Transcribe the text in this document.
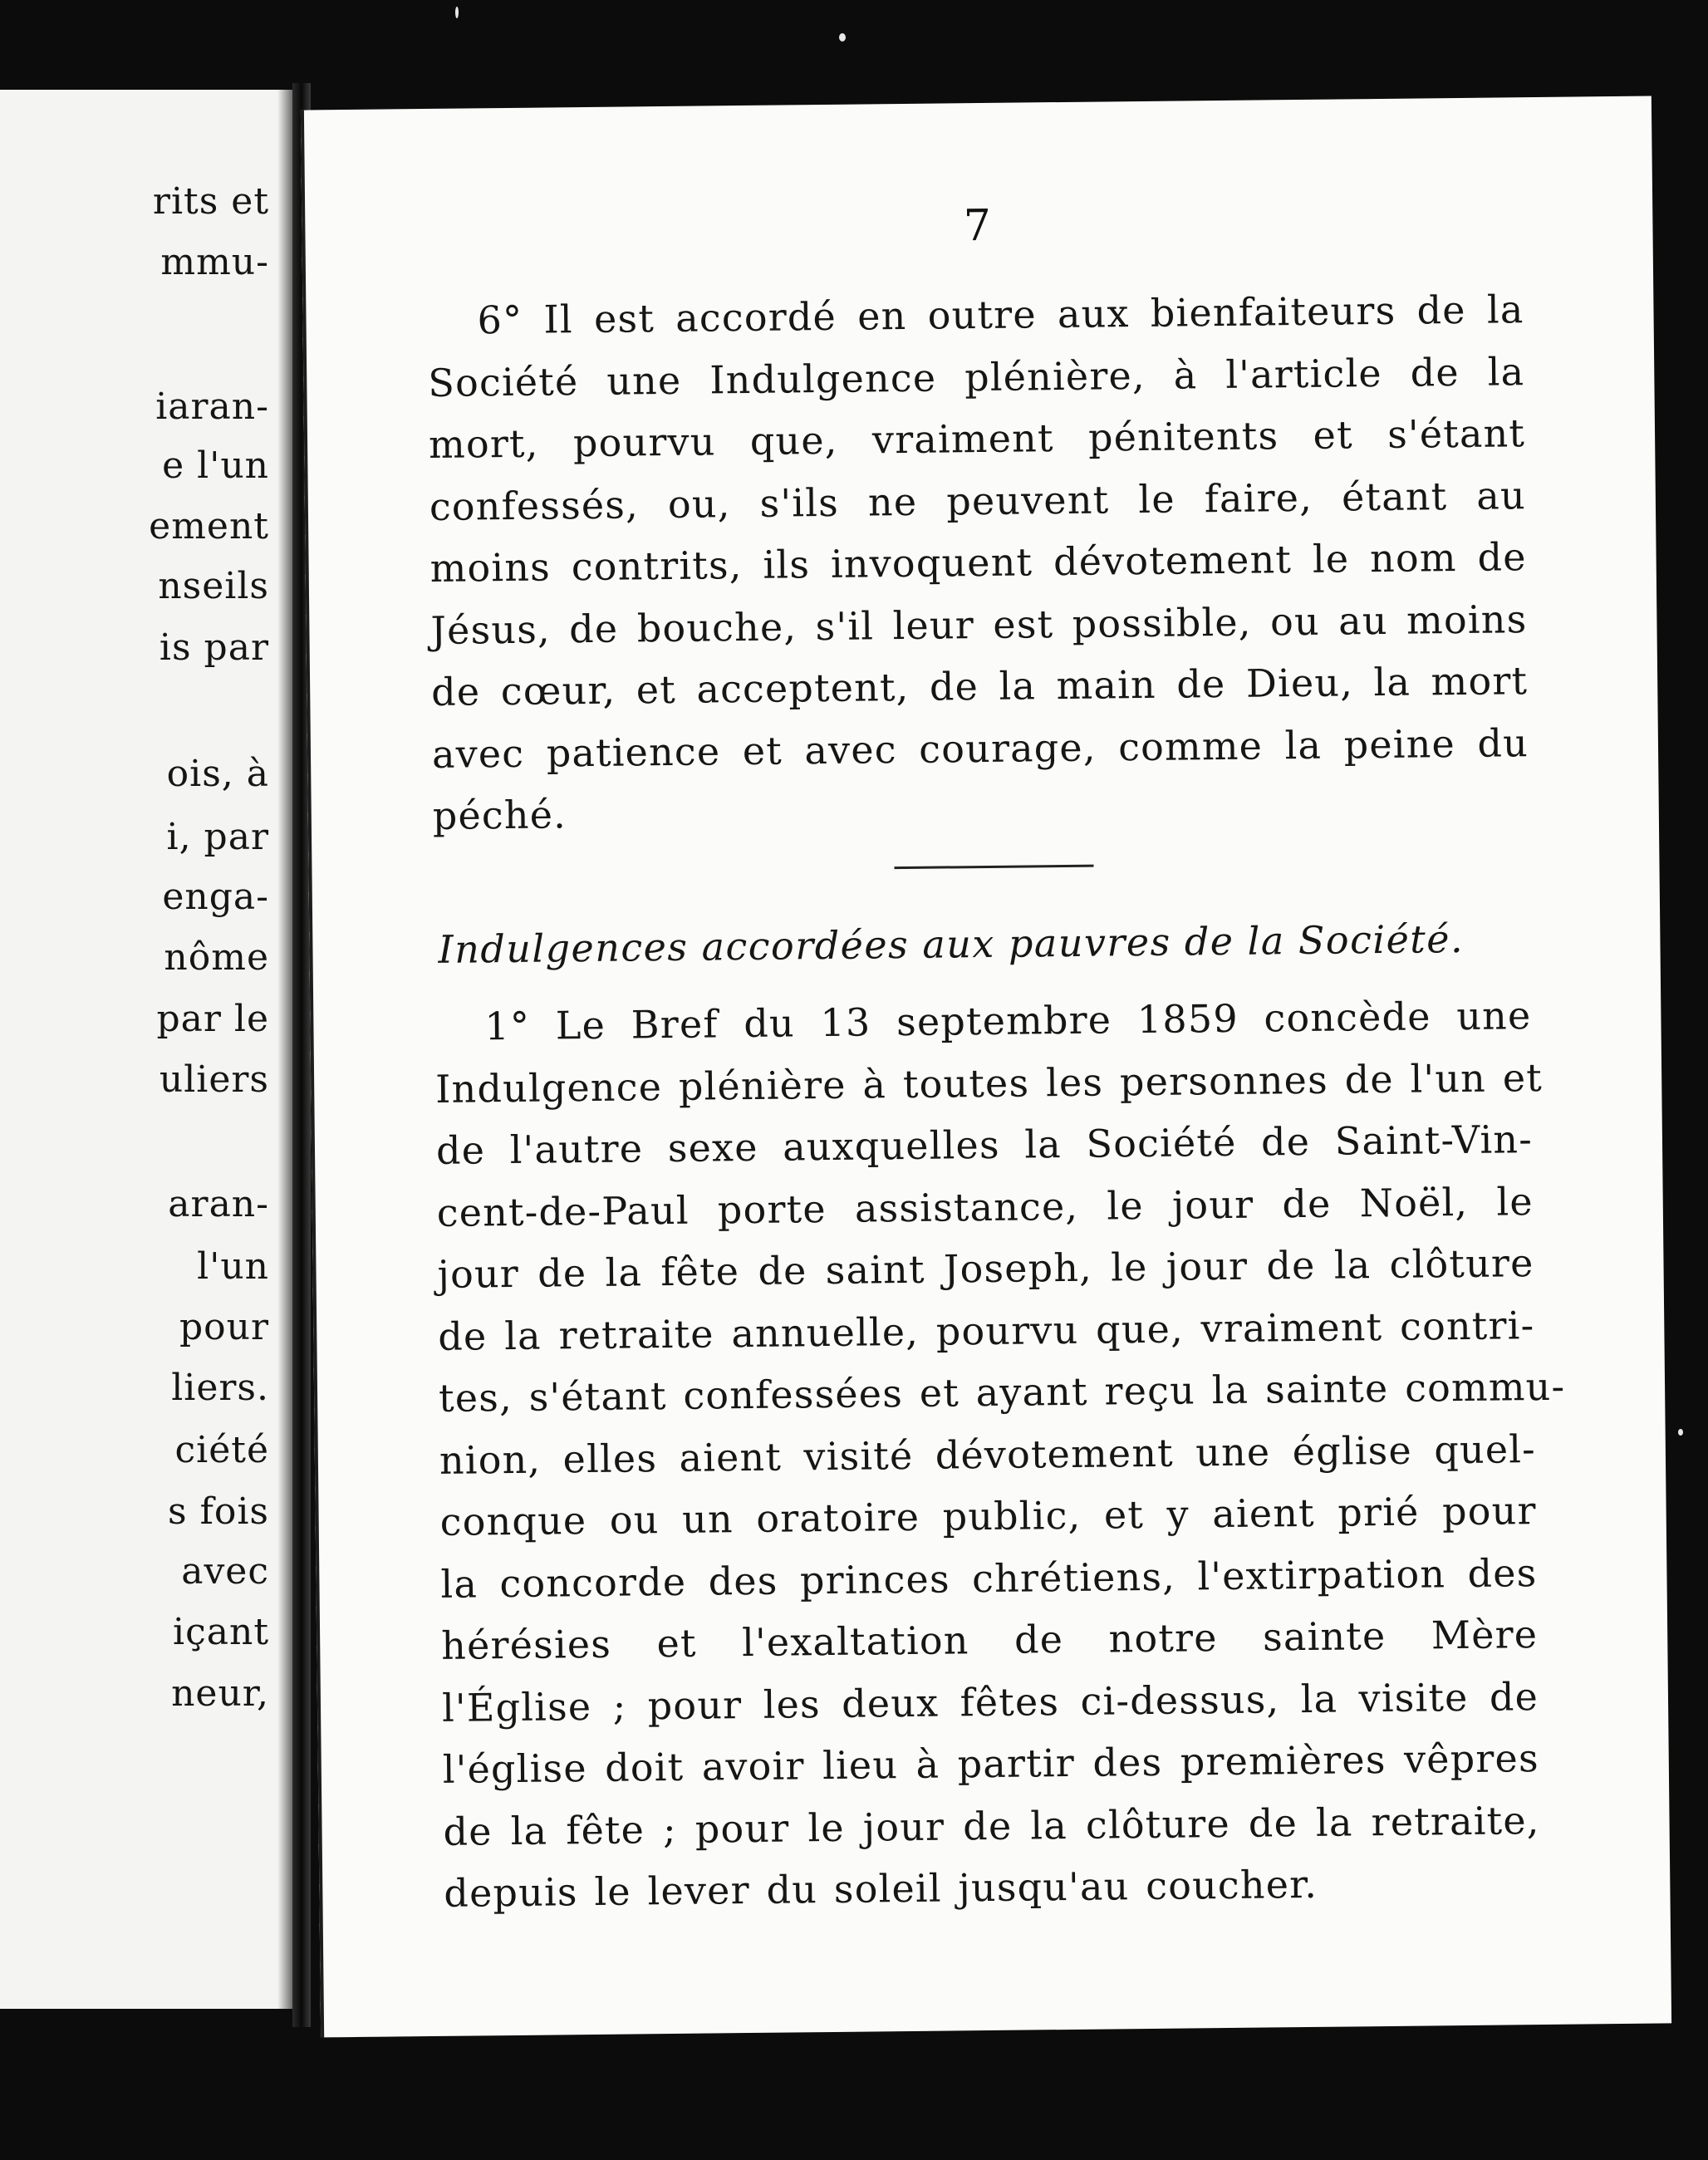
rits et
mmu-
iaran-
e l'un
ement
nseils
is par
ois, à
i, par
enga-
nôme
par le
uliers
aran-
l'un
pour
liers.
ciété
s fois
avec
içant
neur,
7
6° Il est accordé en outre aux bienfaiteurs de la
Société une Indulgence plénière, à l'article de la
mort, pourvu que, vraiment pénitents et s'étant
confessés, ou, s'ils ne peuvent le faire, étant au
moins contrits, ils invoquent dévotement le nom de
Jésus, de bouche, s'il leur est possible, ou au moins
de cœur, et acceptent, de la main de Dieu, la mort
avec patience et avec courage, comme la peine du
péché.
Indulgences accordées aux pauvres de la Société.
1° Le Bref du 13 septembre 1859 concède une
Indulgence plénière à toutes les personnes de l'un et
de l'autre sexe auxquelles la Société de Saint-Vin-
cent-de-Paul porte assistance, le jour de Noël, le
jour de la fête de saint Joseph, le jour de la clôture
de la retraite annuelle, pourvu que, vraiment contri-
tes, s'étant confessées et ayant reçu la sainte commu-
nion, elles aient visité dévotement une église quel-
conque ou un oratoire public, et y aient prié pour
la concorde des princes chrétiens, l'extirpation des
hérésies et l'exaltation de notre sainte Mère
l'Église ; pour les deux fêtes ci-dessus, la visite de
l'église doit avoir lieu à partir des premières vêpres
de la fête ; pour le jour de la clôture de la retraite,
depuis le lever du soleil jusqu'au coucher.
